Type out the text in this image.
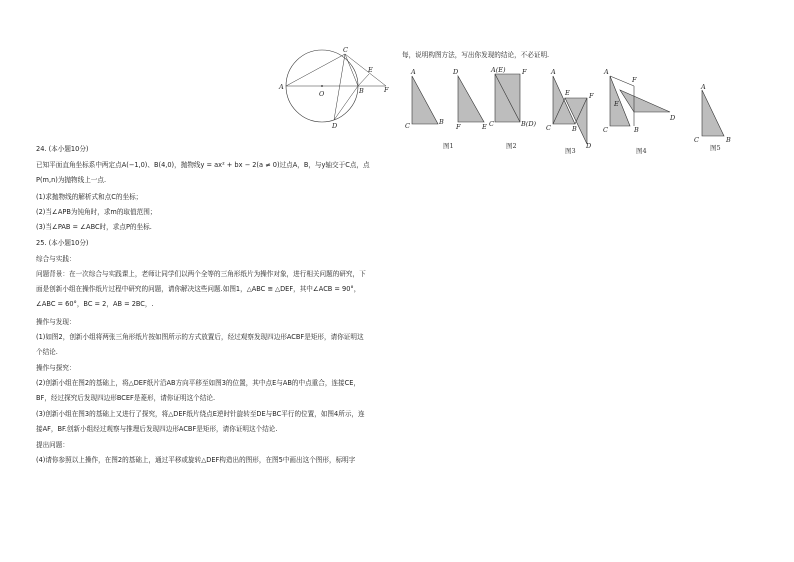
A
O
C
E
B	F
D
每，说明构图方法，写出你发现的结论，不必证明.
A
B
C
图1
D
F	E
A(E)
C
F
B(D)
图2
A
E	F
C	B
D
图3
F
A
E
C	B
D
图4
A
C	B
图5
24. (本小题10分)
已知平面直角坐标系中两定点A(−1,0)、B(4,0)，抛物线y = ax² + bx − 2(a ≠ 0)过点A，B，与y轴交于C点，点
P(m,n)为抛物线上一点.
(1)求抛物线的解析式和点C的坐标；
(2)当∠APB为钝角时，求m的取值范围；
(3)当∠PAB = ∠ABC时，求点P的坐标.
25. (本小题10分)
综合与实践：
问题背景：在一次综合与实践课上，老师让同学们以两个全等的三角形纸片为操作对象，进行相关问题的研究，下
面是创新小组在操作纸片过程中研究的问题，请你解决这些问题.如图1，△ABC ≅ △DEF，其中∠ACB = 90°，
∠ABC = 60°，BC = 2，AB = 2BC，.
操作与发现：
(1)如图2，创新小组将两张三角形纸片按如图所示的方式放置后，经过观察发现四边形ACBF是矩形，请你证明这
个结论.
操作与探究：
(2)创新小组在图2的基础上，将△DEF纸片沿AB方向平移至如图3的位置，其中点E与AB的中点重合，连接CE，
BF，经过探究后发现四边形BCEF是菱形，请你证明这个结论.
(3)创新小组在图3的基础上又进行了探究，将△DEF纸片绕点E逆时针旋转至DE与BC平行的位置，如图4所示，连
接AF，BF.创新小组经过观察与推理后发现四边形ACBF是矩形，请你证明这个结论.
提出问题：
(4)请你参照以上操作，在图2的基础上，通过平移或旋转△DEF构造出的图形，在图5中画出这个图形，标明字
